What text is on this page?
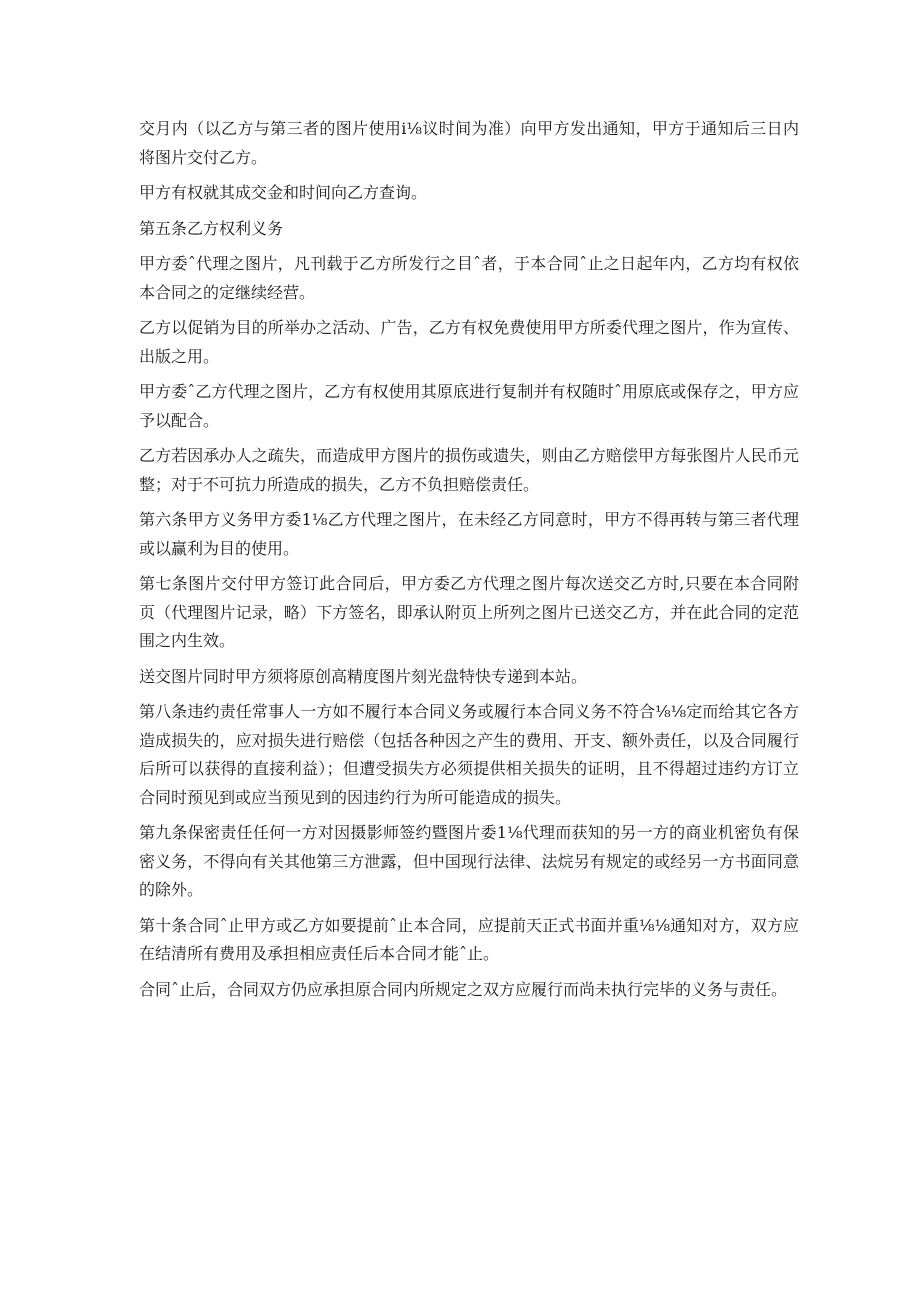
交月内（以乙方与第三者的图片使用i⅛议时间为准）向甲方发出通知，甲方于通知后三日内将图片交付乙方。

甲方有权就其成交金和时间向乙方查询。

第五条乙方权利义务

甲方委ˆ代理之图片，凡刊载于乙方所发行之目ˆ者，于本合同ˆ止之日起年内，乙方均有权依本合同之的定继续经营。

乙方以促销为目的所举办之活动、广告，乙方有权免费使用甲方所委代理之图片，作为宣传、出版之用。

甲方委ˆ乙方代理之图片，乙方有权使用其原底进行复制并有权随时ˆ用原底或保存之，甲方应予以配合。

乙方若因承办人之疏失，而造成甲方图片的损伤或遗失，则由乙方赔偿甲方每张图片人民币元整；对于不可抗力所造成的损失，乙方不负担赔偿责任。

第六条甲方义务甲方委1⅛乙方代理之图片，在未经乙方同意时，甲方不得再转与第三者代理或以赢利为目的使用。

第七条图片交付甲方签订此合同后，甲方委乙方代理之图片每次送交乙方时,只要在本合同附页（代理图片记录，略）下方签名，即承认附页上所列之图片已送交乙方，并在此合同的定范围之内生效。

送交图片同时甲方须将原创高精度图片刻光盘特快专递到本站。

第八条违约责任常事人一方如不履行本合同义务或履行本合同义务不符合⅛⅛定而给其它各方造成损失的，应对损失进行赔偿（包括各种因之产生的费用、开支、额外责任，以及合同履行后所可以获得的直接利益）；但遭受损失方必须提供相关损失的证明，且不得超过违约方订立合同时预见到或应当预见到的因违约行为所可能造成的损失。

第九条保密责任任何一方对因摄影师签约暨图片委1⅛代理而获知的另一方的商业机密负有保密义务，不得向有关其他第三方泄露，但中国现行法律、法烷另有规定的或经另一方书面同意的除外。

第十条合同ˆ止甲方或乙方如要提前ˆ止本合同，应提前天正式书面并重⅛⅛通知对方，双方应在结清所有费用及承担相应责任后本合同才能ˆ止。

合同ˆ止后，合同双方仍应承担原合同内所规定之双方应履行而尚未执行完毕的义务与责任。
